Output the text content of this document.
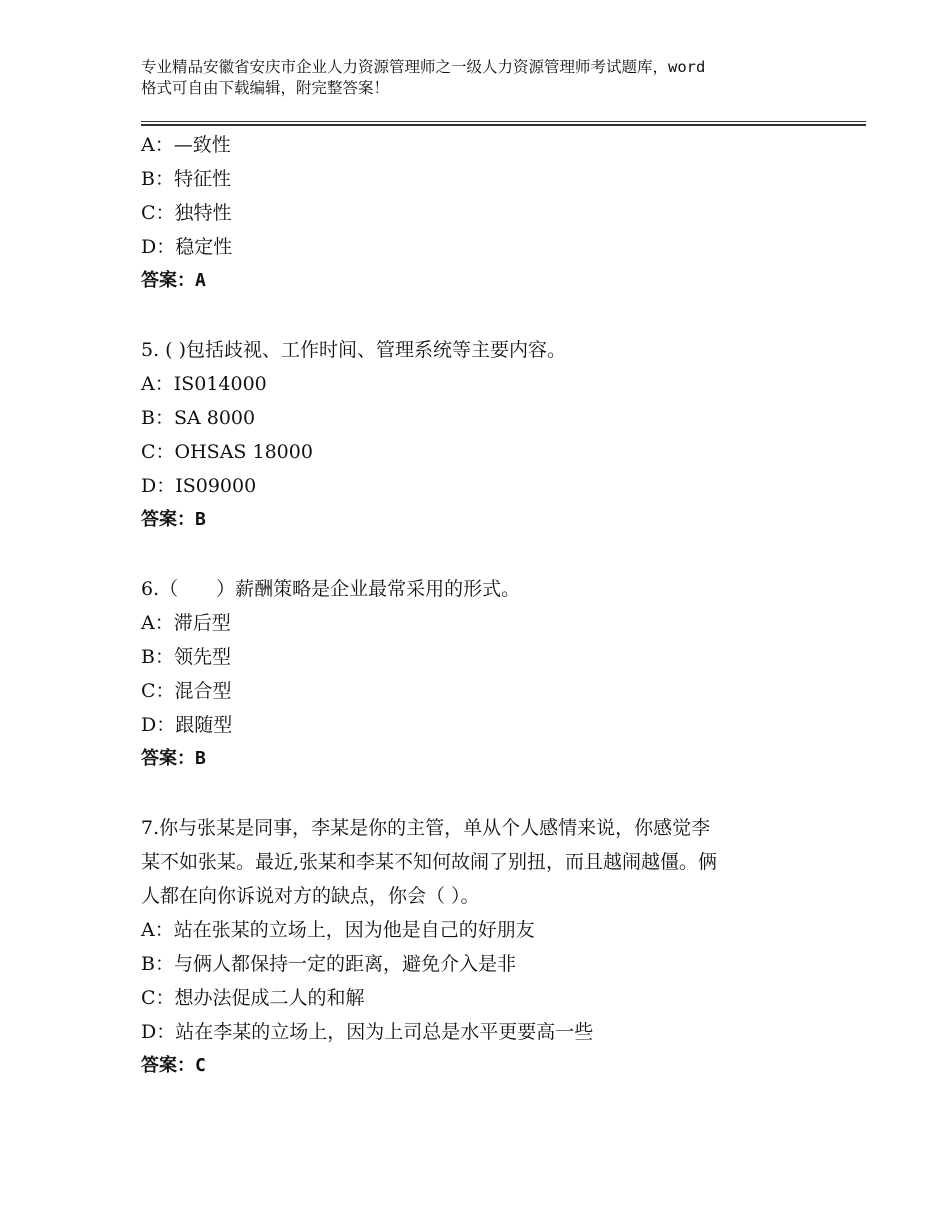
专业精品安徽省安庆市企业人力资源管理师之一级人力资源管理师考试题库，word
格式可自由下载编辑，附完整答案！
A：—致性
B：特征性
C：独特性
D：稳定性
答案：A
5. ( )包括歧视、工作时间、管理系统等主要内容。
A：IS014000
B：SA 8000
C：OHSAS 18000
D：IS09000
答案：B
6.（　　）薪酬策略是企业最常采用的形式。
A：滞后型
B：领先型
C：混合型
D：跟随型
答案：B
7.你与张某是同事，李某是你的主管，单从个人感情来说，你感觉李
某不如张某。最近,张某和李某不知何故闹了别扭，而且越闹越僵。俩
人都在向你诉说对方的缺点，你会（ ）。
A：站在张某的立场上，因为他是自己的好朋友
B：与俩人都保持一定的距离，避免介入是非
C：想办法促成二人的和解
D：站在李某的立场上，因为上司总是水平更要高一些
答案：C
